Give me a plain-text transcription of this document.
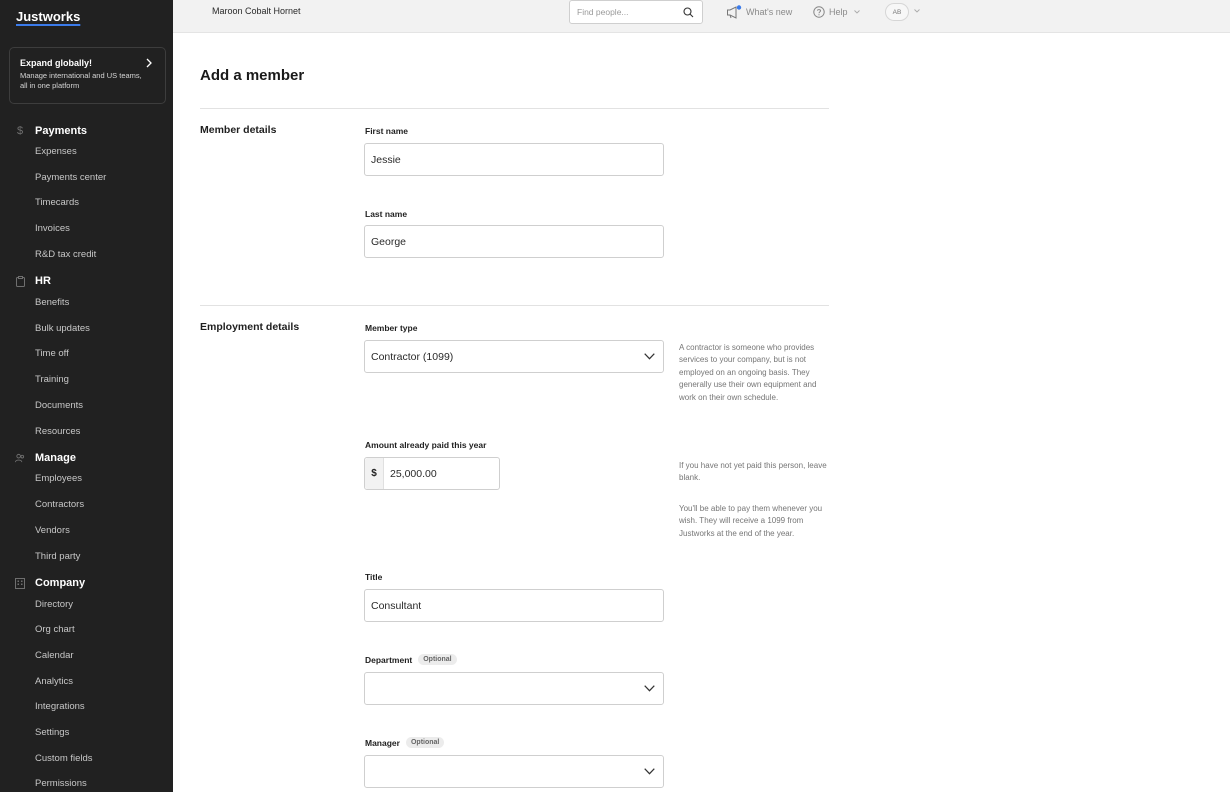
Justworks
Expand globally!
Manage international and US teams, all in one platform
$ Payments
Expenses
Payments center
Timecards
Invoices
R&D tax credit
HR
Benefits
Bulk updates
Time off
Training
Documents
Resources
Manage
Employees
Contractors
Vendors
Third party
Company
Directory
Org chart
Calendar
Analytics
Integrations
Settings
Custom fields
Permissions
Maroon Cobalt Hornet	Find people...	What's new	Help	AB
Add a member
Member details	First name
Jessie
Last name
George
Employment details	Member type
Contractor (1099)
A contractor is someone who provides services to your company, but is not employed on an ongoing basis. They generally use their own equipment and work on their own schedule.
Amount already paid this year
$	25,000.00
If you have not yet paid this person, leave blank.
You'll be able to pay them whenever you wish. They will receive a 1099 from Justworks at the end of the year.
Title
Consultant
Department	Optional
Manager	Optional
